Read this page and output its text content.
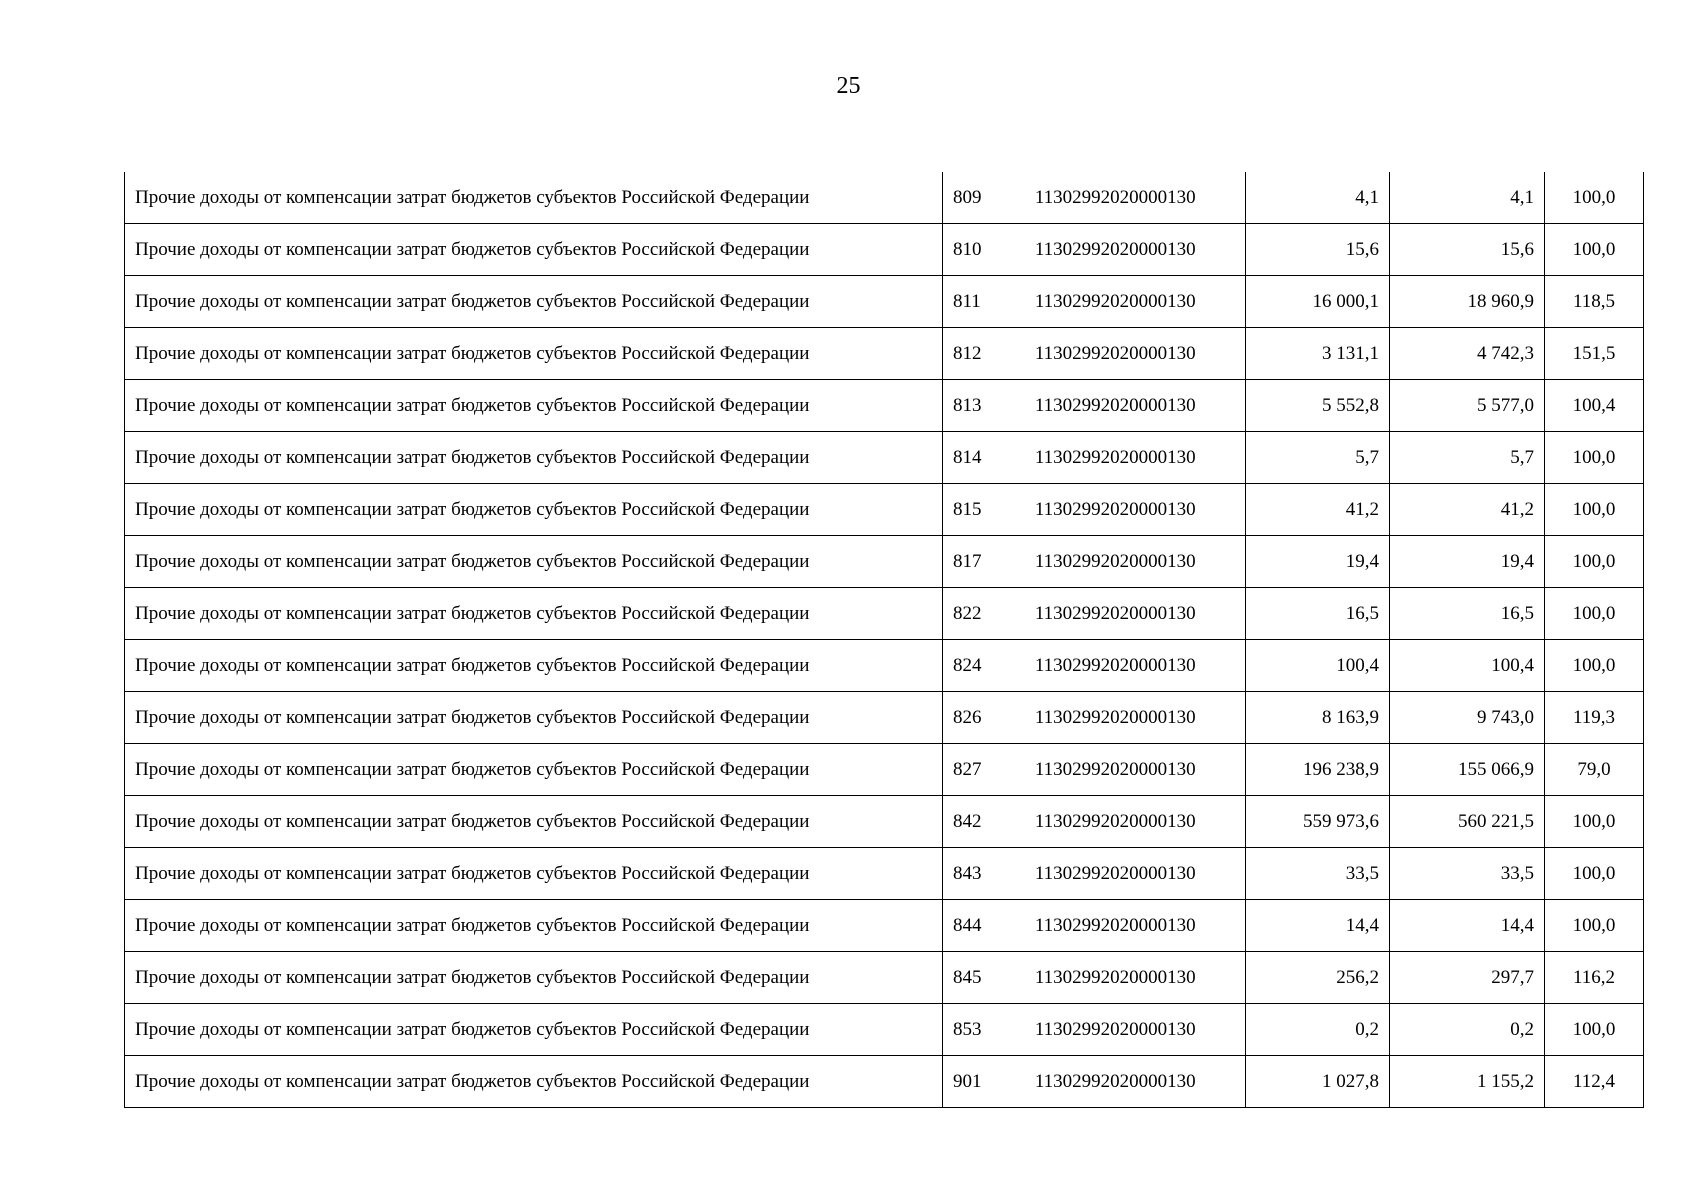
25
Прочие доходы от компенсации затрат бюджетов субъектов Российской Федерации	809	11302992020000130	4,1	4,1	100,0
Прочие доходы от компенсации затрат бюджетов субъектов Российской Федерации	810	11302992020000130	15,6	15,6	100,0
Прочие доходы от компенсации затрат бюджетов субъектов Российской Федерации	811	11302992020000130	16 000,1	18 960,9	118,5
Прочие доходы от компенсации затрат бюджетов субъектов Российской Федерации	812	11302992020000130	3 131,1	4 742,3	151,5
Прочие доходы от компенсации затрат бюджетов субъектов Российской Федерации	813	11302992020000130	5 552,8	5 577,0	100,4
Прочие доходы от компенсации затрат бюджетов субъектов Российской Федерации	814	11302992020000130	5,7	5,7	100,0
Прочие доходы от компенсации затрат бюджетов субъектов Российской Федерации	815	11302992020000130	41,2	41,2	100,0
Прочие доходы от компенсации затрат бюджетов субъектов Российской Федерации	817	11302992020000130	19,4	19,4	100,0
Прочие доходы от компенсации затрат бюджетов субъектов Российской Федерации	822	11302992020000130	16,5	16,5	100,0
Прочие доходы от компенсации затрат бюджетов субъектов Российской Федерации	824	11302992020000130	100,4	100,4	100,0
Прочие доходы от компенсации затрат бюджетов субъектов Российской Федерации	826	11302992020000130	8 163,9	9 743,0	119,3
Прочие доходы от компенсации затрат бюджетов субъектов Российской Федерации	827	11302992020000130	196 238,9	155 066,9	79,0
Прочие доходы от компенсации затрат бюджетов субъектов Российской Федерации	842	11302992020000130	559 973,6	560 221,5	100,0
Прочие доходы от компенсации затрат бюджетов субъектов Российской Федерации	843	11302992020000130	33,5	33,5	100,0
Прочие доходы от компенсации затрат бюджетов субъектов Российской Федерации	844	11302992020000130	14,4	14,4	100,0
Прочие доходы от компенсации затрат бюджетов субъектов Российской Федерации	845	11302992020000130	256,2	297,7	116,2
Прочие доходы от компенсации затрат бюджетов субъектов Российской Федерации	853	11302992020000130	0,2	0,2	100,0
Прочие доходы от компенсации затрат бюджетов субъектов Российской Федерации	901	11302992020000130	1 027,8	1 155,2	112,4
